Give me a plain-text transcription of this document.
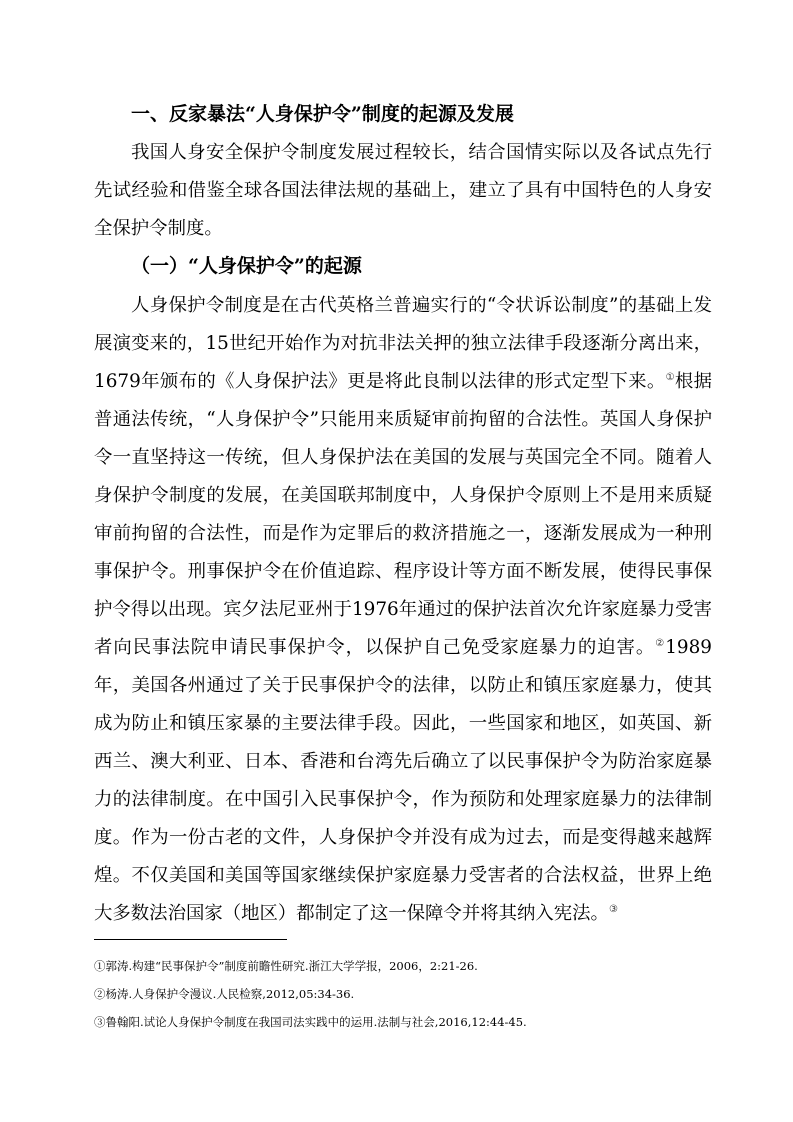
一、反家暴法“人身保护令”制度的起源及发展

我国人身安全保护令制度发展过程较长，结合国情实际以及各试点先行先试经验和借鉴全球各国法律法规的基础上，建立了具有中国特色的人身安全保护令制度。

（一）“人身保护令”的起源

人身保护令制度是在古代英格兰普遍实行的“令状诉讼制度”的基础上发展演变来的，15世纪开始作为对抗非法关押的独立法律手段逐渐分离出来，1679年颁布的《人身保护法》更是将此良制以法律的形式定型下来。①根据普通法传统，“人身保护令”只能用来质疑审前拘留的合法性。英国人身保护令一直坚持这一传统，但人身保护法在美国的发展与英国完全不同。随着人身保护令制度的发展，在美国联邦制度中，人身保护令原则上不是用来质疑审前拘留的合法性，而是作为定罪后的救济措施之一，逐渐发展成为一种刑事保护令。刑事保护令在价值追踪、程序设计等方面不断发展，使得民事保护令得以出现。宾夕法尼亚州于1976年通过的保护法首次允许家庭暴力受害者向民事法院申请民事保护令，以保护自己免受家庭暴力的迫害。②1989年，美国各州通过了关于民事保护令的法律，以防止和镇压家庭暴力，使其成为防止和镇压家暴的主要法律手段。因此，一些国家和地区，如英国、新西兰、澳大利亚、日本、香港和台湾先后确立了以民事保护令为防治家庭暴力的法律制度。在中国引入民事保护令，作为预防和处理家庭暴力的法律制度。作为一份古老的文件，人身保护令并没有成为过去，而是变得越来越辉煌。不仅美国和美国等国家继续保护家庭暴力受害者的合法权益，世界上绝大多数法治国家（地区）都制定了这一保障令并将其纳入宪法。③

①郭涛.构建“民事保护令”制度前瞻性研究.浙江大学学报，2006，2:21-26.
②杨涛.人身保护令漫议.人民检察,2012,05:34-36.
③鲁翰阳.试论人身保护令制度在我国司法实践中的运用.法制与社会,2016,12:44-45.
